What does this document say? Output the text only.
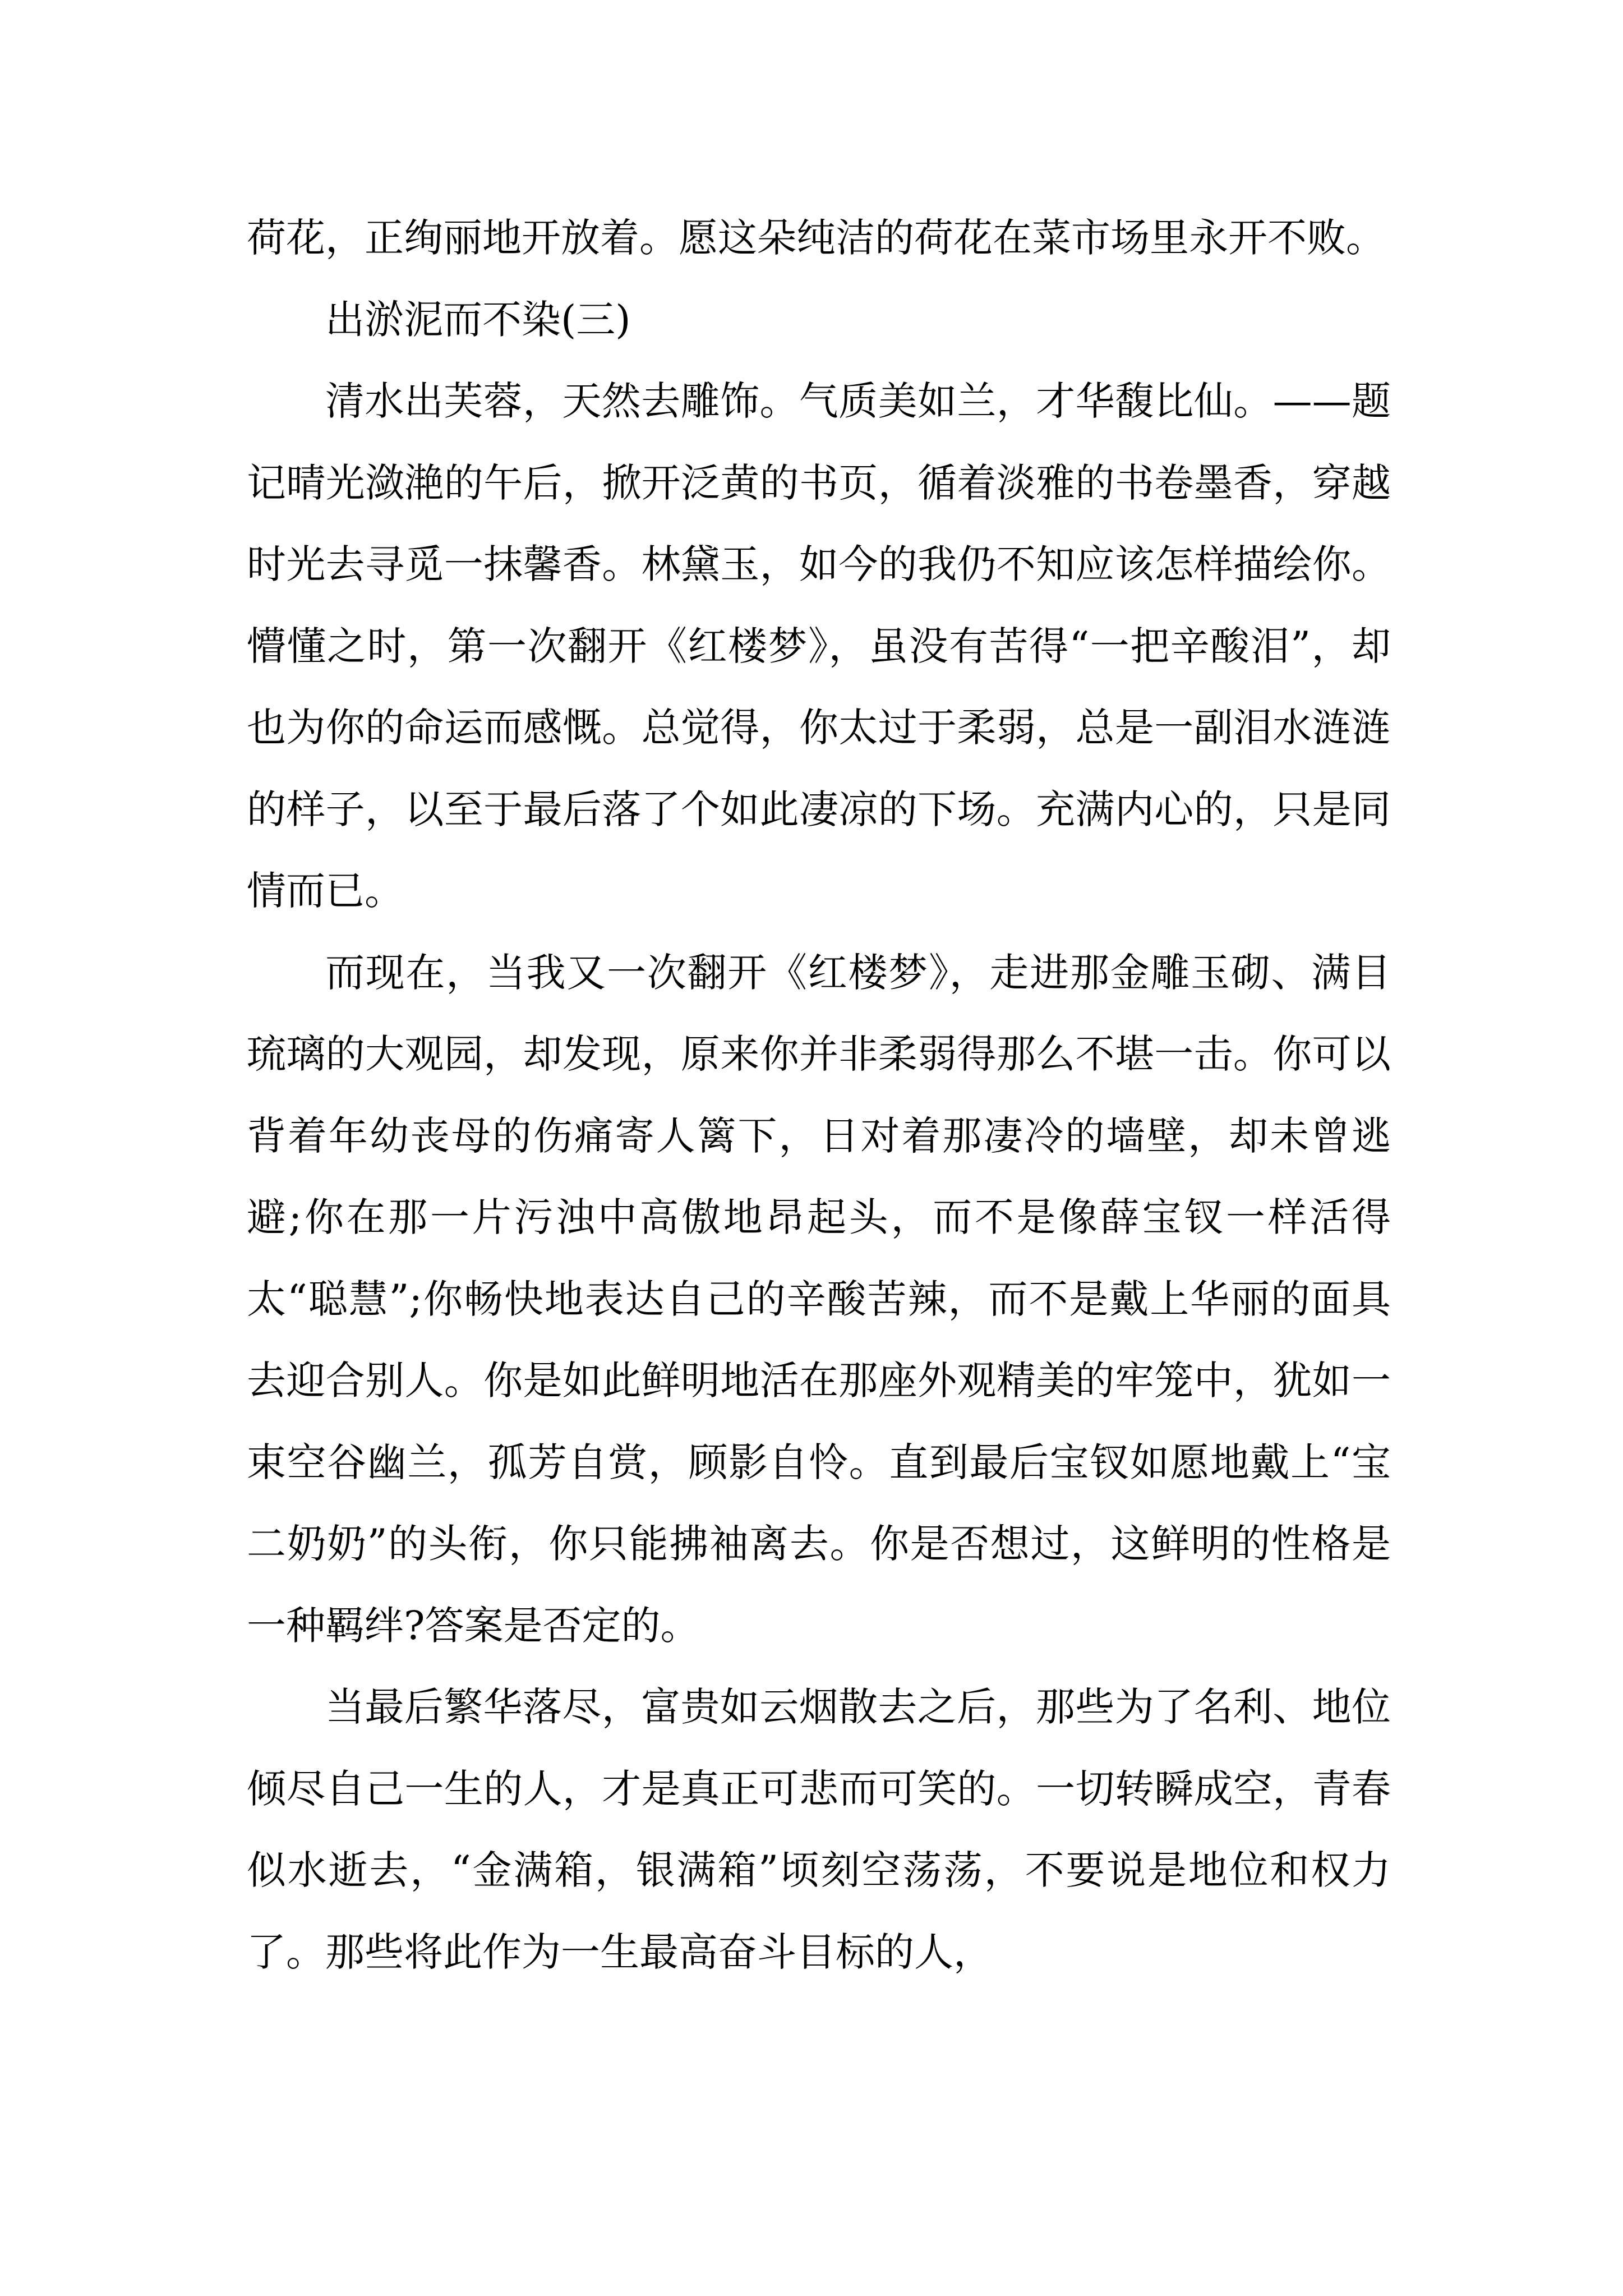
荷花，正绚丽地开放着。愿这朵纯洁的荷花在菜市场里永开不败。

出淤泥而不染(三)

清水出芙蓉，天然去雕饰。气质美如兰，才华馥比仙。——题记晴光潋滟的午后，掀开泛黄的书页，循着淡雅的书卷墨香，穿越时光去寻觅一抹馨香。林黛玉，如今的我仍不知应该怎样描绘你。懵懂之时，第一次翻开《红楼梦》，虽没有苦得“一把辛酸泪”，却也为你的命运而感慨。总觉得，你太过于柔弱，总是一副泪水涟涟的样子，以至于最后落了个如此凄凉的下场。充满内心的，只是同情而已。

而现在，当我又一次翻开《红楼梦》，走进那金雕玉砌、满目琉璃的大观园，却发现，原来你并非柔弱得那么不堪一击。你可以背着年幼丧母的伤痛寄人篱下，日对着那凄冷的墙壁，却未曾逃避;你在那一片污浊中高傲地昂起头，而不是像薛宝钗一样活得太“聪慧”;你畅快地表达自己的辛酸苦辣，而不是戴上华丽的面具去迎合别人。你是如此鲜明地活在那座外观精美的牢笼中，犹如一束空谷幽兰，孤芳自赏，顾影自怜。直到最后宝钗如愿地戴上“宝二奶奶”的头衔，你只能拂袖离去。你是否想过，这鲜明的性格是一种羁绊?答案是否定的。

当最后繁华落尽，富贵如云烟散去之后，那些为了名利、地位倾尽自己一生的人，才是真正可悲而可笑的。一切转瞬成空，青春似水逝去，“金满箱，银满箱”顷刻空荡荡，不要说是地位和权力了。那些将此作为一生最高奋斗目标的人，
